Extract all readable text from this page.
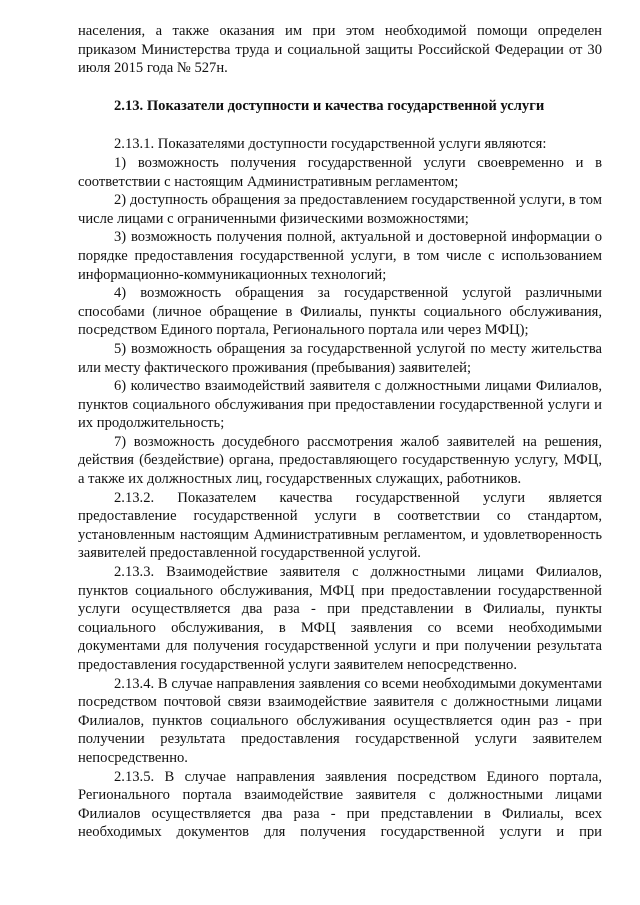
населения, а также оказания им при этом необходимой помощи определен приказом Министерства труда и социальной защиты Российской Федерации от 30 июля 2015 года № 527н.

2.13. Показатели доступности и качества государственной услуги

2.13.1. Показателями доступности государственной услуги являются:

1) возможность получения государственной услуги своевременно и в соответствии с настоящим Административным регламентом;

2) доступность обращения за предоставлением государственной услуги, в том числе лицами с ограниченными физическими возможностями;

3) возможность получения полной, актуальной и достоверной информации о порядке предоставления государственной услуги, в том числе с использованием информационно-коммуникационных технологий;

4) возможность обращения за государственной услугой различными способами (личное обращение в Филиалы, пункты социального обслуживания, посредством Единого портала, Регионального портала или через МФЦ);

5) возможность обращения за государственной услугой по месту жительства или месту фактического проживания (пребывания) заявителей;

6) количество взаимодействий заявителя с должностными лицами Филиалов, пунктов социального обслуживания при предоставлении государственной услуги и их продолжительность;

7) возможность досудебного рассмотрения жалоб заявителей на решения, действия (бездействие) органа, предоставляющего государственную услугу, МФЦ, а также их должностных лиц, государственных служащих, работников.

2.13.2. Показателем качества государственной услуги является предоставление государственной услуги в соответствии со стандартом, установленным настоящим Административным регламентом, и удовлетворенность заявителей предоставленной государственной услугой.

2.13.3. Взаимодействие заявителя с должностными лицами Филиалов, пунктов социального обслуживания, МФЦ при предоставлении государственной услуги осуществляется два раза - при представлении в Филиалы, пункты социального обслуживания, в МФЦ заявления со всеми необходимыми документами для получения государственной услуги и при получении результата предоставления государственной услуги заявителем непосредственно.

2.13.4. В случае направления заявления со всеми необходимыми документами посредством почтовой связи взаимодействие заявителя с должностными лицами Филиалов, пунктов социального обслуживания осуществляется один раз - при получении результата предоставления государственной услуги заявителем непосредственно.

2.13.5. В случае направления заявления посредством Единого портала, Регионального портала взаимодействие заявителя с должностными лицами Филиалов осуществляется два раза - при представлении в Филиалы, всех необходимых документов для получения государственной услуги и при
